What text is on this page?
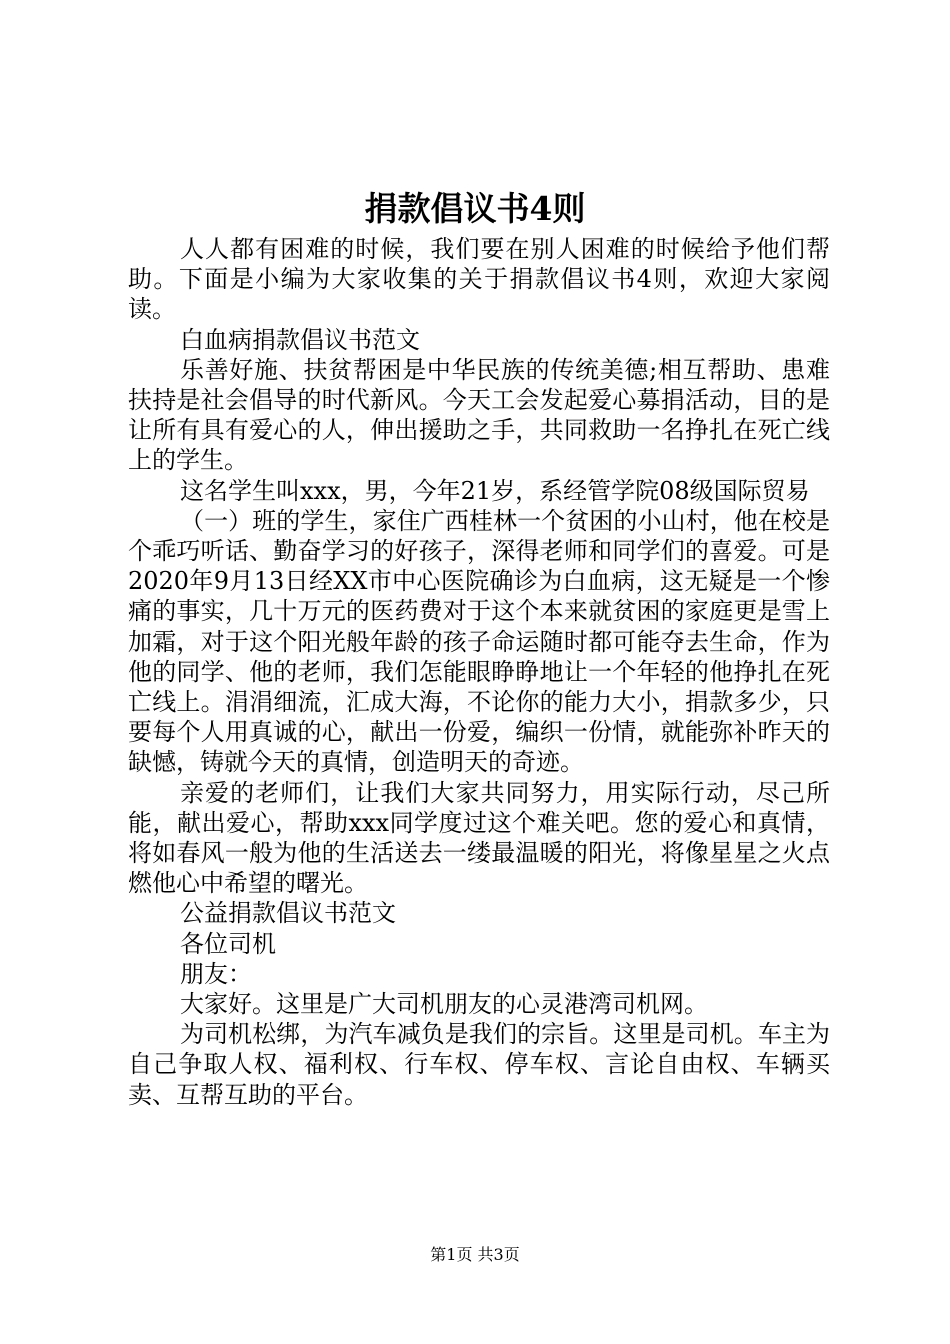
捐款倡议书4则

人人都有困难的时候，我们要在别人困难的时候给予他们帮助。下面是小编为大家收集的关于捐款倡议书4则，欢迎大家阅读。

白血病捐款倡议书范文

乐善好施、扶贫帮困是中华民族的传统美德;相互帮助、患难扶持是社会倡导的时代新风。今天工会发起爱心募捐活动，目的是让所有具有爱心的人，伸出援助之手，共同救助一名挣扎在死亡线上的学生。

这名学生叫xxx，男，今年21岁，系经管学院08级国际贸易

（一）班的学生，家住广西桂林一个贫困的小山村，他在校是个乖巧听话、勤奋学习的好孩子，深得老师和同学们的喜爱。可是2020年9月13日经XX市中心医院确诊为白血病，这无疑是一个惨痛的事实，几十万元的医药费对于这个本来就贫困的家庭更是雪上加霜，对于这个阳光般年龄的孩子命运随时都可能夺去生命，作为他的同学、他的老师，我们怎能眼睁睁地让一个年轻的他挣扎在死亡线上。涓涓细流，汇成大海，不论你的能力大小，捐款多少，只要每个人用真诚的心，献出一份爱，编织一份情，就能弥补昨天的缺憾，铸就今天的真情，创造明天的奇迹。

亲爱的老师们，让我们大家共同努力，用实际行动，尽己所能，献出爱心，帮助xxx同学度过这个难关吧。您的爱心和真情，将如春风一般为他的生活送去一缕最温暖的阳光，将像星星之火点燃他心中希望的曙光。

公益捐款倡议书范文

各位司机

朋友：

大家好。这里是广大司机朋友的心灵港湾司机网。

为司机松绑，为汽车减负是我们的宗旨。这里是司机。车主为自己争取人权、福利权、行车权、停车权、言论自由权、车辆买卖、互帮互助的平台。

第1页 共3页
